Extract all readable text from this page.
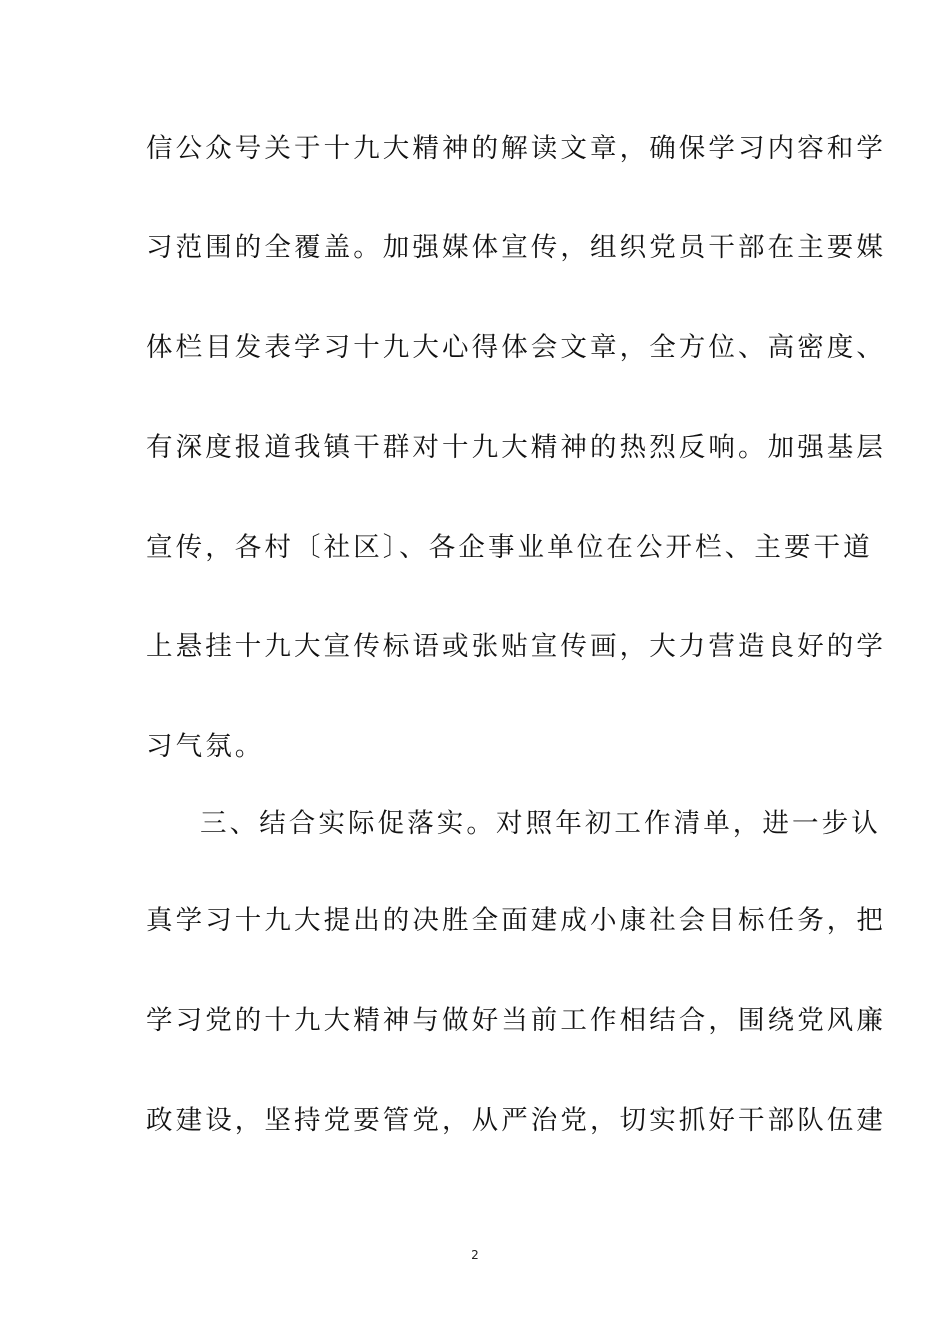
信公众号关于十九大精神的解读文章，确保学习内容和学
习范围的全覆盖。加强媒体宣传，组织党员干部在主要媒
体栏目发表学习十九大心得体会文章，全方位、高密度、
有深度报道我镇干群对十九大精神的热烈反响。加强基层
宣传，各村〔社区〕、各企事业单位在公开栏、主要干道
上悬挂十九大宣传标语或张贴宣传画，大力营造良好的学
习气氛。
三、结合实际促落实。对照年初工作清单，进一步认
真学习十九大提出的决胜全面建成小康社会目标任务，把
学习党的十九大精神与做好当前工作相结合，围绕党风廉
政建设，坚持党要管党，从严治党，切实抓好干部队伍建
2
